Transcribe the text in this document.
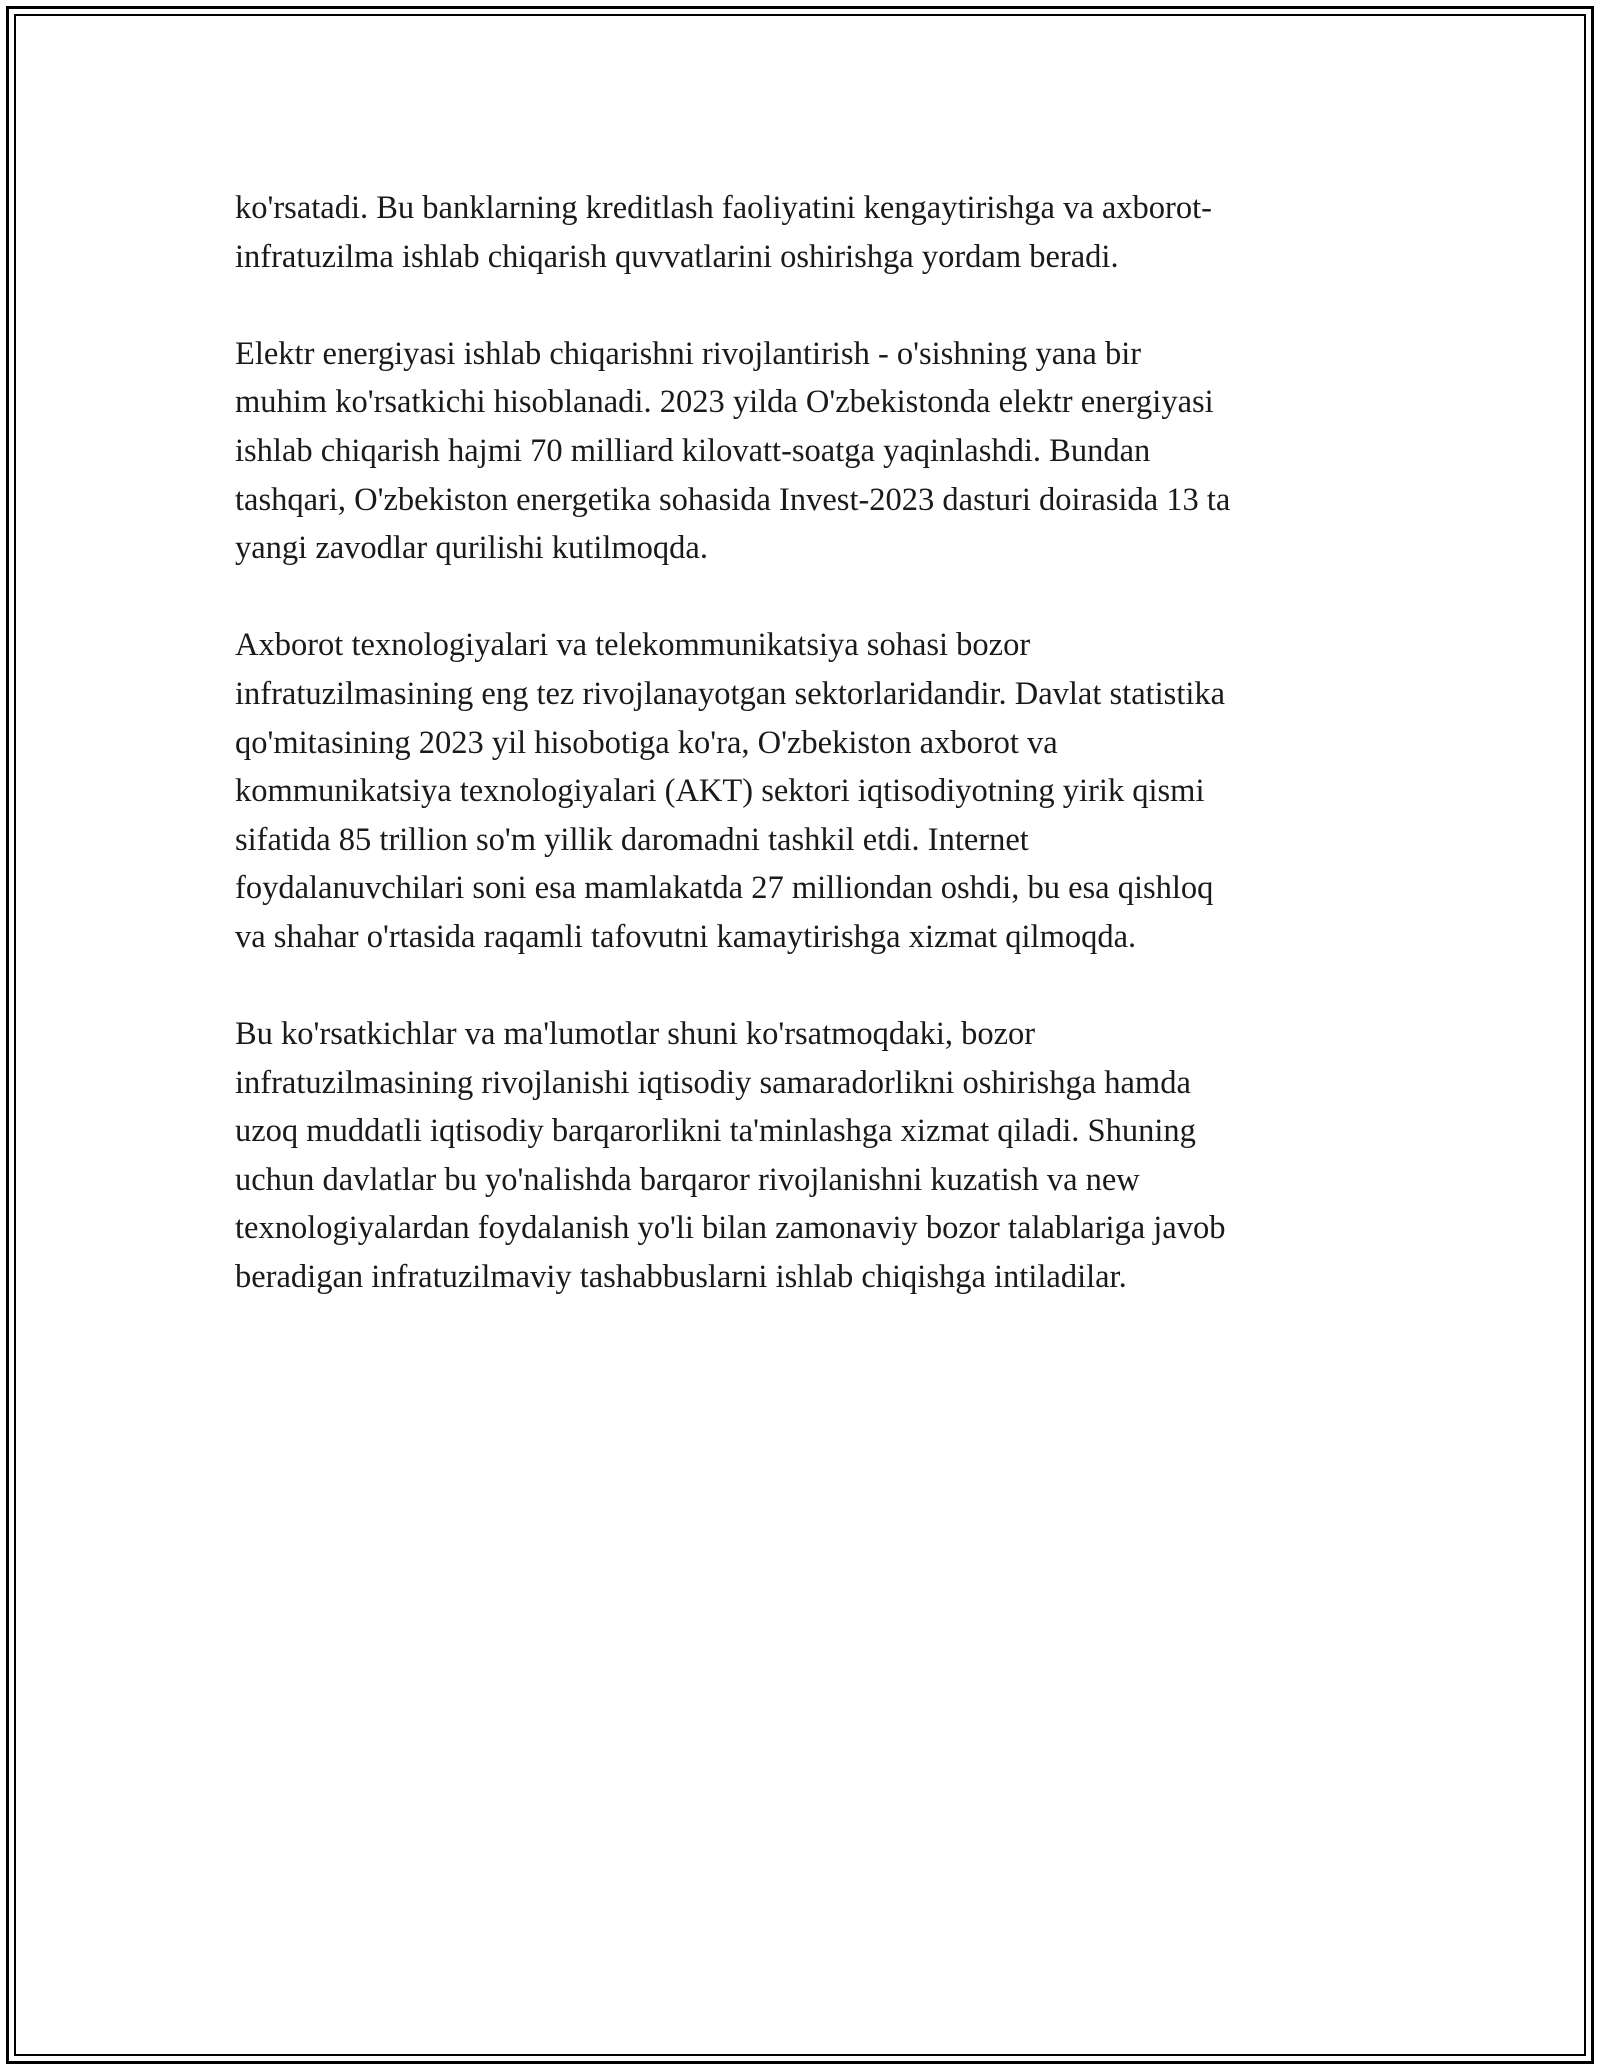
ko'rsatadi. Bu banklarning kreditlash faoliyatini kengaytirishga va axborot-
infratuzilma ishlab chiqarish quvvatlarini oshirishga yordam beradi.

Elektr energiyasi ishlab chiqarishni rivojlantirish - o'sishning yana bir
muhim ko'rsatkichi hisoblanadi. 2023 yilda O'zbekistonda elektr energiyasi
ishlab chiqarish hajmi 70 milliard kilovatt-soatga yaqinlashdi. Bundan
tashqari, O'zbekiston energetika sohasida Invest-2023 dasturi doirasida 13 ta
yangi zavodlar qurilishi kutilmoqda.

Axborot texnologiyalari va telekommunikatsiya sohasi bozor
infratuzilmasining eng tez rivojlanayotgan sektorlaridandir. Davlat statistika
qo'mitasining 2023 yil hisobotiga ko'ra, O'zbekiston axborot va
kommunikatsiya texnologiyalari (AKT) sektori iqtisodiyotning yirik qismi
sifatida 85 trillion so'm yillik daromadni tashkil etdi. Internet
foydalanuvchilari soni esa mamlakatda 27 milliondan oshdi, bu esa qishloq
va shahar o'rtasida raqamli tafovutni kamaytirishga xizmat qilmoqda.

Bu ko'rsatkichlar va ma'lumotlar shuni ko'rsatmoqdaki, bozor
infratuzilmasining rivojlanishi iqtisodiy samaradorlikni oshirishga hamda
uzoq muddatli iqtisodiy barqarorlikni ta'minlashga xizmat qiladi. Shuning
uchun davlatlar bu yo'nalishda barqaror rivojlanishni kuzatish va new
texnologiyalardan foydalanish yo'li bilan zamonaviy bozor talablariga javob
beradigan infratuzilmaviy tashabbuslarni ishlab chiqishga intiladilar.
